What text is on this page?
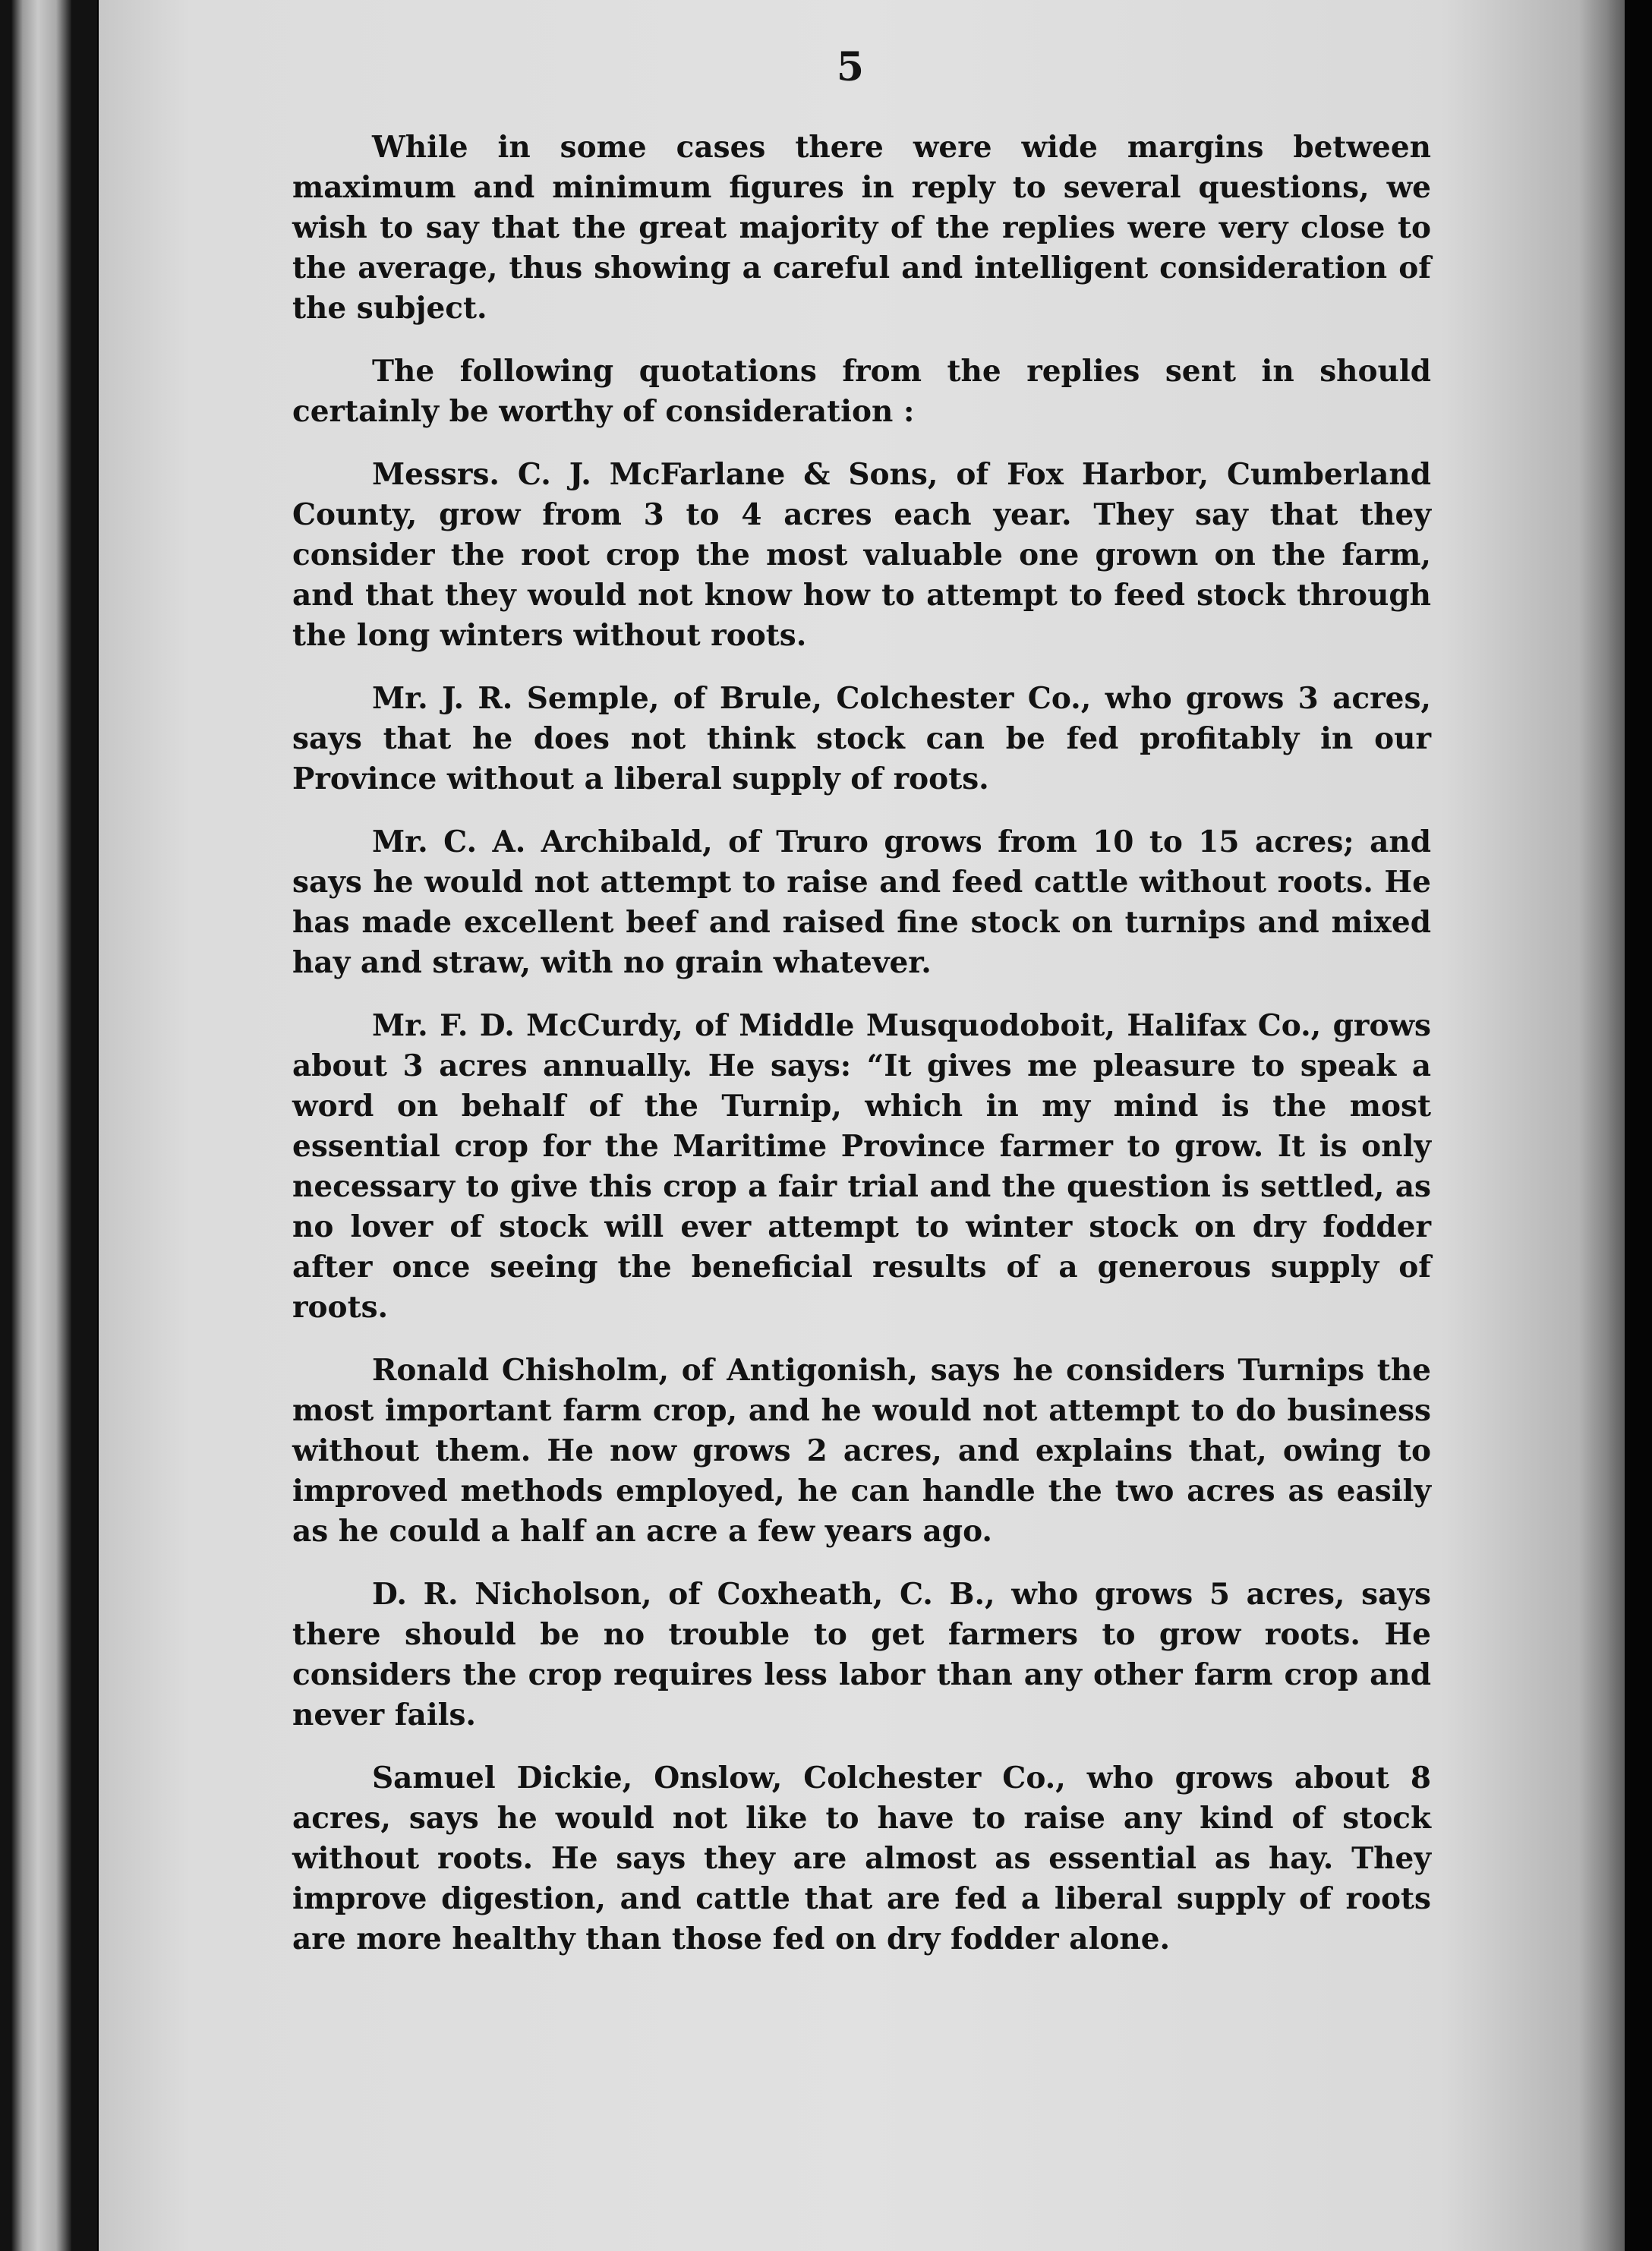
5

While in some cases there were wide margins between maximum and minimum figures in reply to several questions, we wish to say that the great majority of the replies were very close to the average, thus showing a careful and intelligent consideration of the subject.

The following quotations from the replies sent in should certainly be worthy of consideration :

Messrs. C. J. McFarlane & Sons, of Fox Harbor, Cumberland County, grow from 3 to 4 acres each year. They say that they consider the root crop the most valuable one grown on the farm, and that they would not know how to attempt to feed stock through the long winters without roots.

Mr. J. R. Semple, of Brule, Colchester Co., who grows 3 acres, says that he does not think stock can be fed profitably in our Province without a liberal supply of roots.

Mr. C. A. Archibald, of Truro grows from 10 to 15 acres; and says he would not attempt to raise and feed cattle without roots. He has made excellent beef and raised fine stock on turnips and mixed hay and straw, with no grain whatever.

Mr. F. D. McCurdy, of Middle Musquodoboit, Halifax Co., grows about 3 acres annually. He says: “It gives me pleasure to speak a word on behalf of the Turnip, which in my mind is the most essential crop for the Maritime Province farmer to grow. It is only necessary to give this crop a fair trial and the question is settled, as no lover of stock will ever attempt to winter stock on dry fodder after once seeing the beneficial results of a generous supply of roots.

Ronald Chisholm, of Antigonish, says he considers Turnips the most important farm crop, and he would not attempt to do business without them. He now grows 2 acres, and explains that, owing to improved methods employed, he can handle the two acres as easily as he could a half an acre a few years ago.

D. R. Nicholson, of Coxheath, C. B., who grows 5 acres, says there should be no trouble to get farmers to grow roots. He considers the crop requires less labor than any other farm crop and never fails.

Samuel Dickie, Onslow, Colchester Co., who grows about 8 acres, says he would not like to have to raise any kind of stock without roots. He says they are almost as essential as hay. They improve digestion, and cattle that are fed a liberal supply of roots are more healthy than those fed on dry fodder alone.
